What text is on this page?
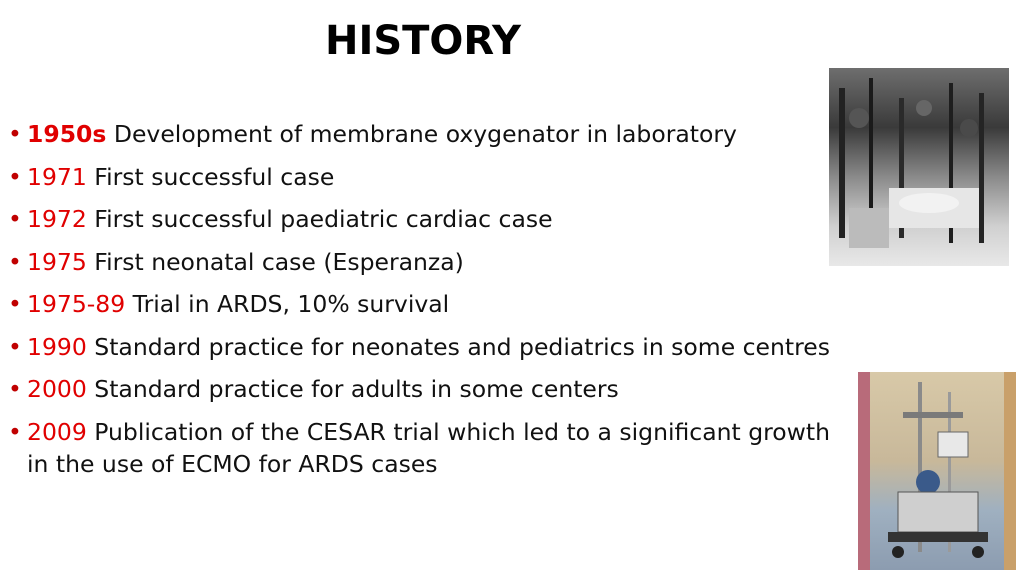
HISTORY
• 1950s Development of membrane oxygenator in laboratory
• 1971 First successful case
• 1972 First successful paediatric cardiac case
• 1975 First neonatal case (Esperanza)
• 1975-89 Trial in ARDS, 10% survival
• 1990 Standard practice for neonates and pediatrics in some centres
• 2000 Standard practice for adults in some centers
• 2009 Publication of the CESAR trial which led to a significant growth in the use of ECMO for ARDS cases
